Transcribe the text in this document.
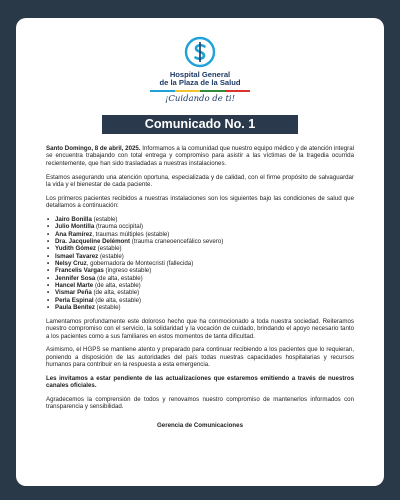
Hospital General
de la Plaza de la Salud
¡Cuidando de ti!
Comunicado No. 1

Santo Domingo, 8 de abril, 2025. Informamos a la comunidad que nuestro equipo médico y de atención integral se encuentra trabajando con total entrega y compromiso para asistir a las víctimas de la tragedia ocurrida recientemente, que han sido trasladadas a nuestras instalaciones.

Estamos asegurando una atención oportuna, especializada y de calidad, con el firme propósito de salvaguardar la vida y el bienestar de cada paciente.

Los primeros pacientes recibidos a nuestras instalaciones son los siguientes bajo las condiciones de salud que detallamos a continuación:

• Jairo Bonilla (estable)
• Julio Montilla (trauma occipital)
• Ana Ramírez, traumas múltiples (estable)
• Dra. Jacqueline Delémont (trauma craneoencefálico severo)
• Yudith Gómez (estable)
• Ismael Tavarez (estable)
• Nelsy Cruz, gobernadora de Montecristi (fallecida)
• Francelis Vargas (ingreso estable)
• Jennifer Sosa (de alta, estable)
• Hancel Marte (de alta, estable)
• Vismar Peña (de alta, estable)
• Perla Espinal (de alta, estable)
• Paula Benítez (estable)

Lamentamos profundamente este doloroso hecho que ha conmocionado a toda nuestra sociedad. Reiteramos nuestro compromiso con el servicio, la solidaridad y la vocación de cuidado, brindando el apoyo necesario tanto a los pacientes como a sus familiares en estos momentos de tanta dificultad.

Asimismo, el HGPS se mantiene atento y preparado para continuar recibiendo a los pacientes que lo requieran, poniendo a disposición de las autoridades del país todas nuestras capacidades hospitalarias y recursos humanos para contribuir en la respuesta a esta emergencia.

Les invitamos a estar pendiente de las actualizaciones que estaremos emitiendo a través de nuestros canales oficiales.

Agradecemos la comprensión de todos y renovamos nuestro compromiso de mantenerlos informados con transparencia y sensibilidad.

Gerencia de Comunicaciones
